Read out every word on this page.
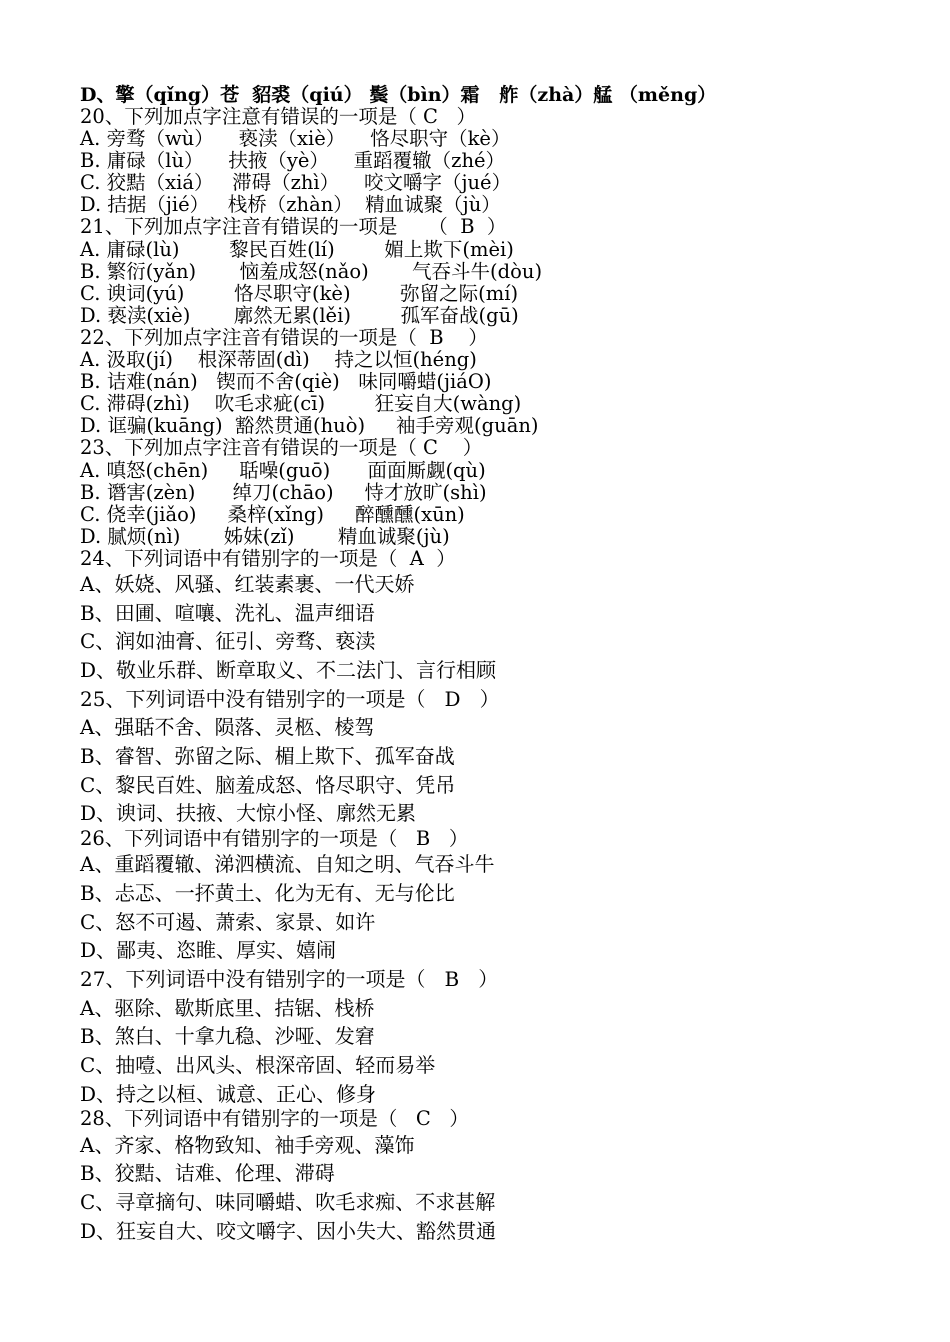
D、擎（qǐng）苍  貂裘（qiú） 鬓（bìn）霜   舴（zhà）艋 （měng）
20、下列加点字注意有错误的一项是（ C   ）
A. 旁骛（wù）    亵渎（xiè）    恪尽职守（kè）
B. 庸碌（lù）    扶掖（yè）    重蹈覆辙（zhé）
C. 狡黠（xiá）   滞碍（zhì）    咬文嚼字（jué）
D. 拮据（jié）   栈桥（zhàn）  精血诚聚（jù）
21、下列加点字注音有错误的一项是     （  B  ）
A. 庸碌(lù)        黎民百姓(lí)        媚上欺下(mèi)
B. 繁衍(yǎn)       恼羞成怒(nǎo)       气吞斗牛(dòu)
C. 谀词(yú)        恪尽职守(kè)        弥留之际(mí)
D. 亵渎(xiè)       廓然无累(lěi)        孤军奋战(gū)
22、下列加点字注音有错误的一项是（  B    ）
A. 汲取(jí)    根深蒂固(dì)    持之以恒(héng)
B. 诘难(nán)   锲而不舍(qiè)   味同嚼蜡(jiáO)
C. 滞碍(zhì)    吹毛求疵(cī)        狂妄自大(wàng)
D. 诓骗(kuāng)  豁然贯通(huò)     袖手旁观(guān)
23、下列加点字注音有错误的一项是（ C    ）
A. 嗔怒(chēn)     聒噪(guō)      面面厮觑(qù)
B. 谮害(zèn)      绰刀(chāo)     恃才放旷(shì)
C. 侥幸(jiǎo)     桑梓(xǐng)     醉醺醺(xūn)
D. 腻烦(nì)       姊妹(zǐ)       精血诚聚(jù)
24、下列词语中有错别字的一项是（  A  ）
A、妖娆、风骚、红装素裹、一代天娇
B、田圃、喧嚷、洗礼、温声细语
C、润如油膏、征引、旁骛、亵渎
D、敬业乐群、断章取义、不二法门、言行相顾
25、下列词语中没有错别字的一项是（   D   ）
A、强聒不舍、陨落、灵柩、棱驾
B、睿智、弥留之际、楣上欺下、孤军奋战
C、黎民百姓、脑羞成怒、恪尽职守、凭吊
D、谀词、扶掖、大惊小怪、廓然无累
26、下列词语中有错别字的一项是（   B   ）
A、重蹈覆辙、涕泗横流、自知之明、气吞斗牛
B、忐忑、一抔黄土、化为无有、无与伦比
C、怒不可遏、萧索、家景、如许
D、鄙夷、恣睢、厚实、嬉闹
27、下列词语中没有错别字的一项是（   B   ）
A、驱除、歇斯底里、拮锯、栈桥
B、煞白、十拿九稳、沙哑、发窘
C、抽噎、出风头、根深帝固、轻而易举
D、持之以桓、诚意、正心、修身
28、下列词语中有错别字的一项是（   C   ）
A、齐家、格物致知、袖手旁观、藻饰
B、狡黠、诘难、伦理、滞碍
C、寻章摘句、味同嚼蜡、吹毛求痴、不求甚解
D、狂妄自大、咬文嚼字、因小失大、豁然贯通
